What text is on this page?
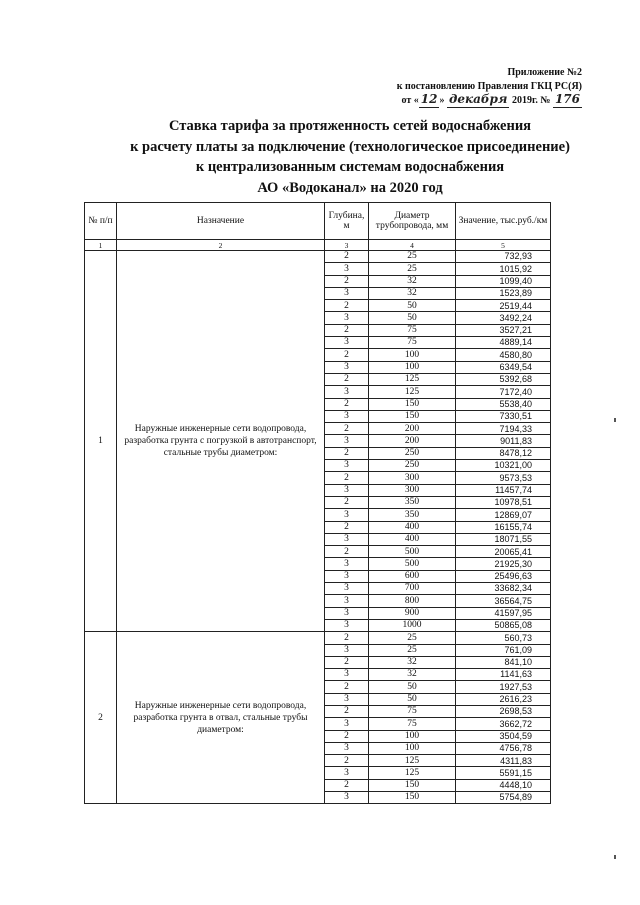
Приложение №2
к постановлению Правления ГКЦ РС(Я)
от « 12 » декабря 2019г. № 176
Ставка тарифа за протяженность сетей водоснабжения
к расчету платы за подключение (технологическое присоединение)
к централизованным системам водоснабжения
АО «Водоканал» на 2020 год
№ п/п	Назначение	Глубина, м	Диаметр трубопровода, мм	Значение, тыс.руб./км
1	2	3	4	5
1	Наружные инженерные сети водопровода, разработка грунта с погрузкой в автотранспорт, стальные трубы диаметром:	2	25	732,93
		3	25	1015,92
		2	32	1099,40
		3	32	1523,89
		2	50	2519,44
		3	50	3492,24
		2	75	3527,21
		3	75	4889,14
		2	100	4580,80
		3	100	6349,54
		2	125	5392,68
		3	125	7172,40
		2	150	5538,40
		3	150	7330,51
		2	200	7194,33
		3	200	9011,83
		2	250	8478,12
		3	250	10321,00
		2	300	9573,53
		3	300	11457,74
		2	350	10978,51
		3	350	12869,07
		2	400	16155,74
		3	400	18071,55
		2	500	20065,41
		3	500	21925,30
		3	600	25496,63
		3	700	33682,34
		3	800	36564,75
		3	900	41597,95
		3	1000	50865,08
2	Наружные инженерные сети водопровода, разработка грунта в отвал, стальные трубы диаметром:	2	25	560,73
		3	25	761,09
		2	32	841,10
		3	32	1141,63
		2	50	1927,53
		3	50	2616,23
		2	75	2698,53
		3	75	3662,72
		2	100	3504,59
		3	100	4756,78
		2	125	4311,83
		3	125	5591,15
		2	150	4448,10
		3	150	5754,89
